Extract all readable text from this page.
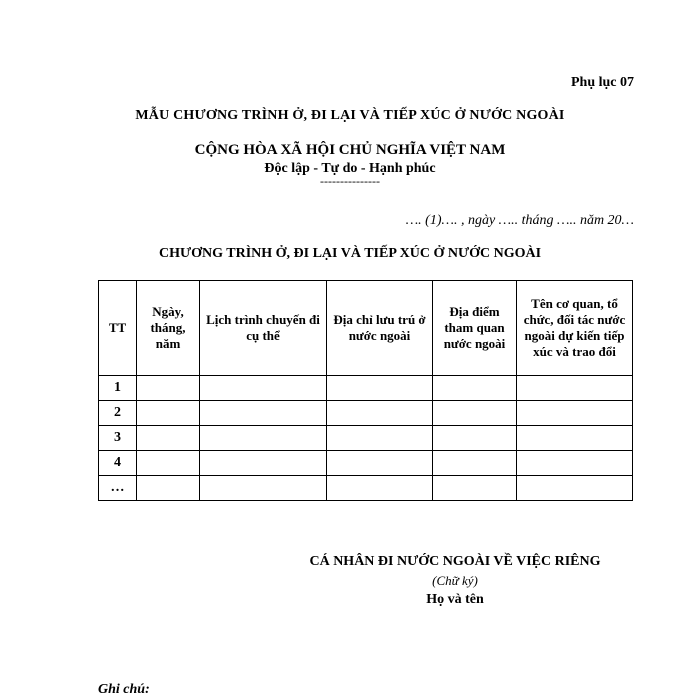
Phụ lục 07
MẪU CHƯƠNG TRÌNH Ở, ĐI LẠI VÀ TIẾP XÚC Ở NƯỚC NGOÀI
CỘNG HÒA XÃ HỘI CHỦ NGHĨA VIỆT NAM
Độc lập - Tự do - Hạnh phúc
---------------
…. (1)…. , ngày ….. tháng ….. năm 20…
CHƯƠNG TRÌNH Ở, ĐI LẠI VÀ TIẾP XÚC Ở NƯỚC NGOÀI
TT	Ngày, tháng, năm	Lịch trình chuyến đi cụ thể	Địa chỉ lưu trú ở nước ngoài	Địa điểm tham quan nước ngoài	Tên cơ quan, tổ chức, đối tác nước ngoài dự kiến tiếp xúc và trao đổi
1					
2					
3					
4					
…					
CÁ NHÂN ĐI NƯỚC NGOÀI VỀ VIỆC RIÊNG
(Chữ ký)
Họ và tên
Ghi chú:
